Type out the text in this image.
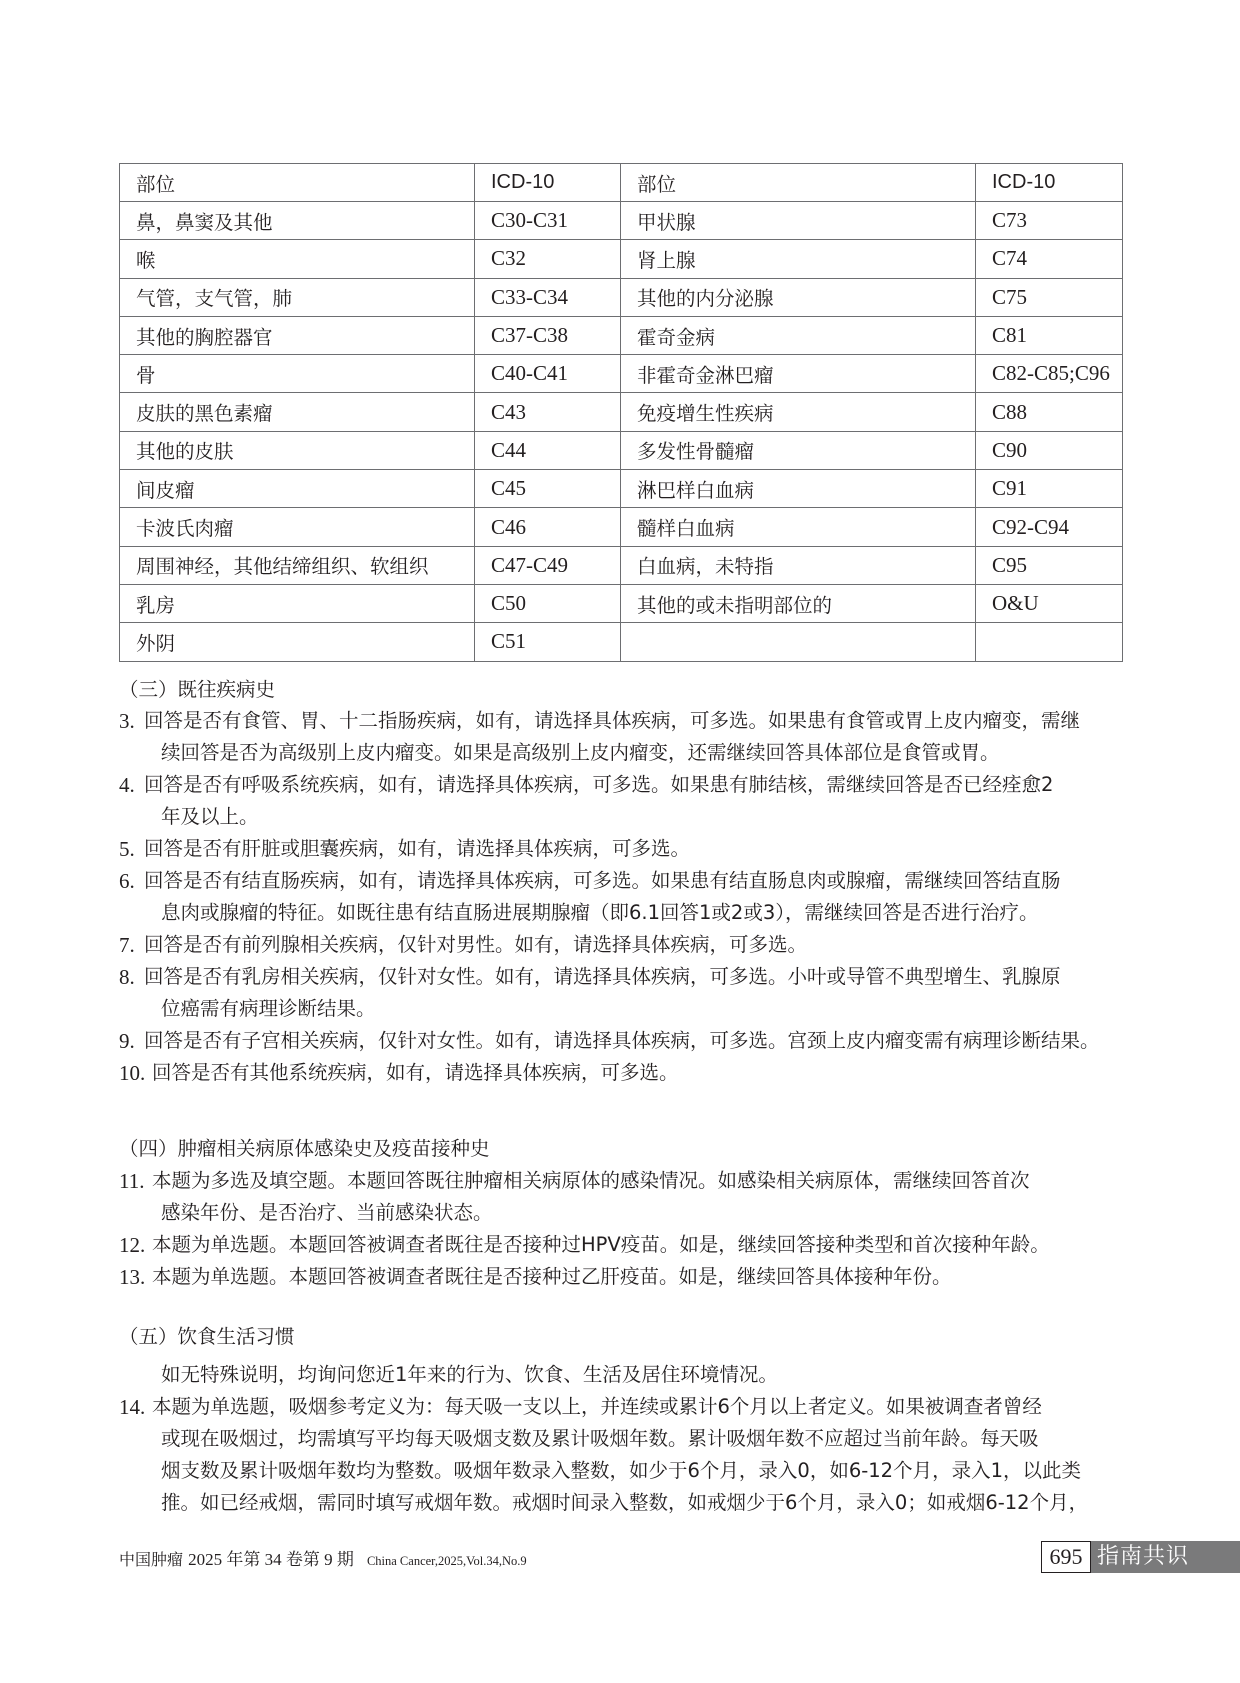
部位	ICD-10	部位	ICD-10
鼻，鼻窦及其他	C30-C31	甲状腺	C73
喉	C32	肾上腺	C74
气管，支气管，肺	C33-C34	其他的内分泌腺	C75
其他的胸腔器官	C37-C38	霍奇金病	C81
骨	C40-C41	非霍奇金淋巴瘤	C82-C85;C96
皮肤的黑色素瘤	C43	免疫增生性疾病	C88
其他的皮肤	C44	多发性骨髓瘤	C90
间皮瘤	C45	淋巴样白血病	C91
卡波氏肉瘤	C46	髓样白血病	C92-C94
周围神经，其他结缔组织、软组织	C47-C49	白血病，未特指	C95
乳房	C50	其他的或未指明部位的	O&U
外阴	C51		
（三）既往疾病史
3. 回答是否有食管、胃、十二指肠疾病，如有，请选择具体疾病，可多选。如果患有食管或胃上皮内瘤变，需继
续回答是否为高级别上皮内瘤变。如果是高级别上皮内瘤变，还需继续回答具体部位是食管或胃。
4. 回答是否有呼吸系统疾病，如有，请选择具体疾病，可多选。如果患有肺结核，需继续回答是否已经痊愈2
年及以上。
5. 回答是否有肝脏或胆囊疾病，如有，请选择具体疾病，可多选。
6. 回答是否有结直肠疾病，如有，请选择具体疾病，可多选。如果患有结直肠息肉或腺瘤，需继续回答结直肠
息肉或腺瘤的特征。如既往患有结直肠进展期腺瘤（即6.1回答1或2或3），需继续回答是否进行治疗。
7. 回答是否有前列腺相关疾病，仅针对男性。如有，请选择具体疾病，可多选。
8. 回答是否有乳房相关疾病，仅针对女性。如有，请选择具体疾病，可多选。小叶或导管不典型增生、乳腺原
位癌需有病理诊断结果。
9. 回答是否有子宫相关疾病，仅针对女性。如有，请选择具体疾病，可多选。宫颈上皮内瘤变需有病理诊断结果。
10. 回答是否有其他系统疾病，如有，请选择具体疾病，可多选。
（四）肿瘤相关病原体感染史及疫苗接种史
11. 本题为多选及填空题。本题回答既往肿瘤相关病原体的感染情况。如感染相关病原体，需继续回答首次
感染年份、是否治疗、当前感染状态。
12. 本题为单选题。本题回答被调查者既往是否接种过HPV疫苗。如是，继续回答接种类型和首次接种年龄。
13. 本题为单选题。本题回答被调查者既往是否接种过乙肝疫苗。如是，继续回答具体接种年份。
（五）饮食生活习惯
如无特殊说明，均询问您近1年来的行为、饮食、生活及居住环境情况。
14. 本题为单选题，吸烟参考定义为：每天吸一支以上，并连续或累计6个月以上者定义。如果被调查者曾经
或现在吸烟过，均需填写平均每天吸烟支数及累计吸烟年数。累计吸烟年数不应超过当前年龄。每天吸
烟支数及累计吸烟年数均为整数。吸烟年数录入整数，如少于6个月，录入0，如6-12个月，录入1，以此类
推。如已经戒烟，需同时填写戒烟年数。戒烟时间录入整数，如戒烟少于6个月，录入0；如戒烟6-12个月，
中国肿瘤 2025 年第 34 卷第 9 期 China Cancer,2025,Vol.34,No.9	695 指南共识
